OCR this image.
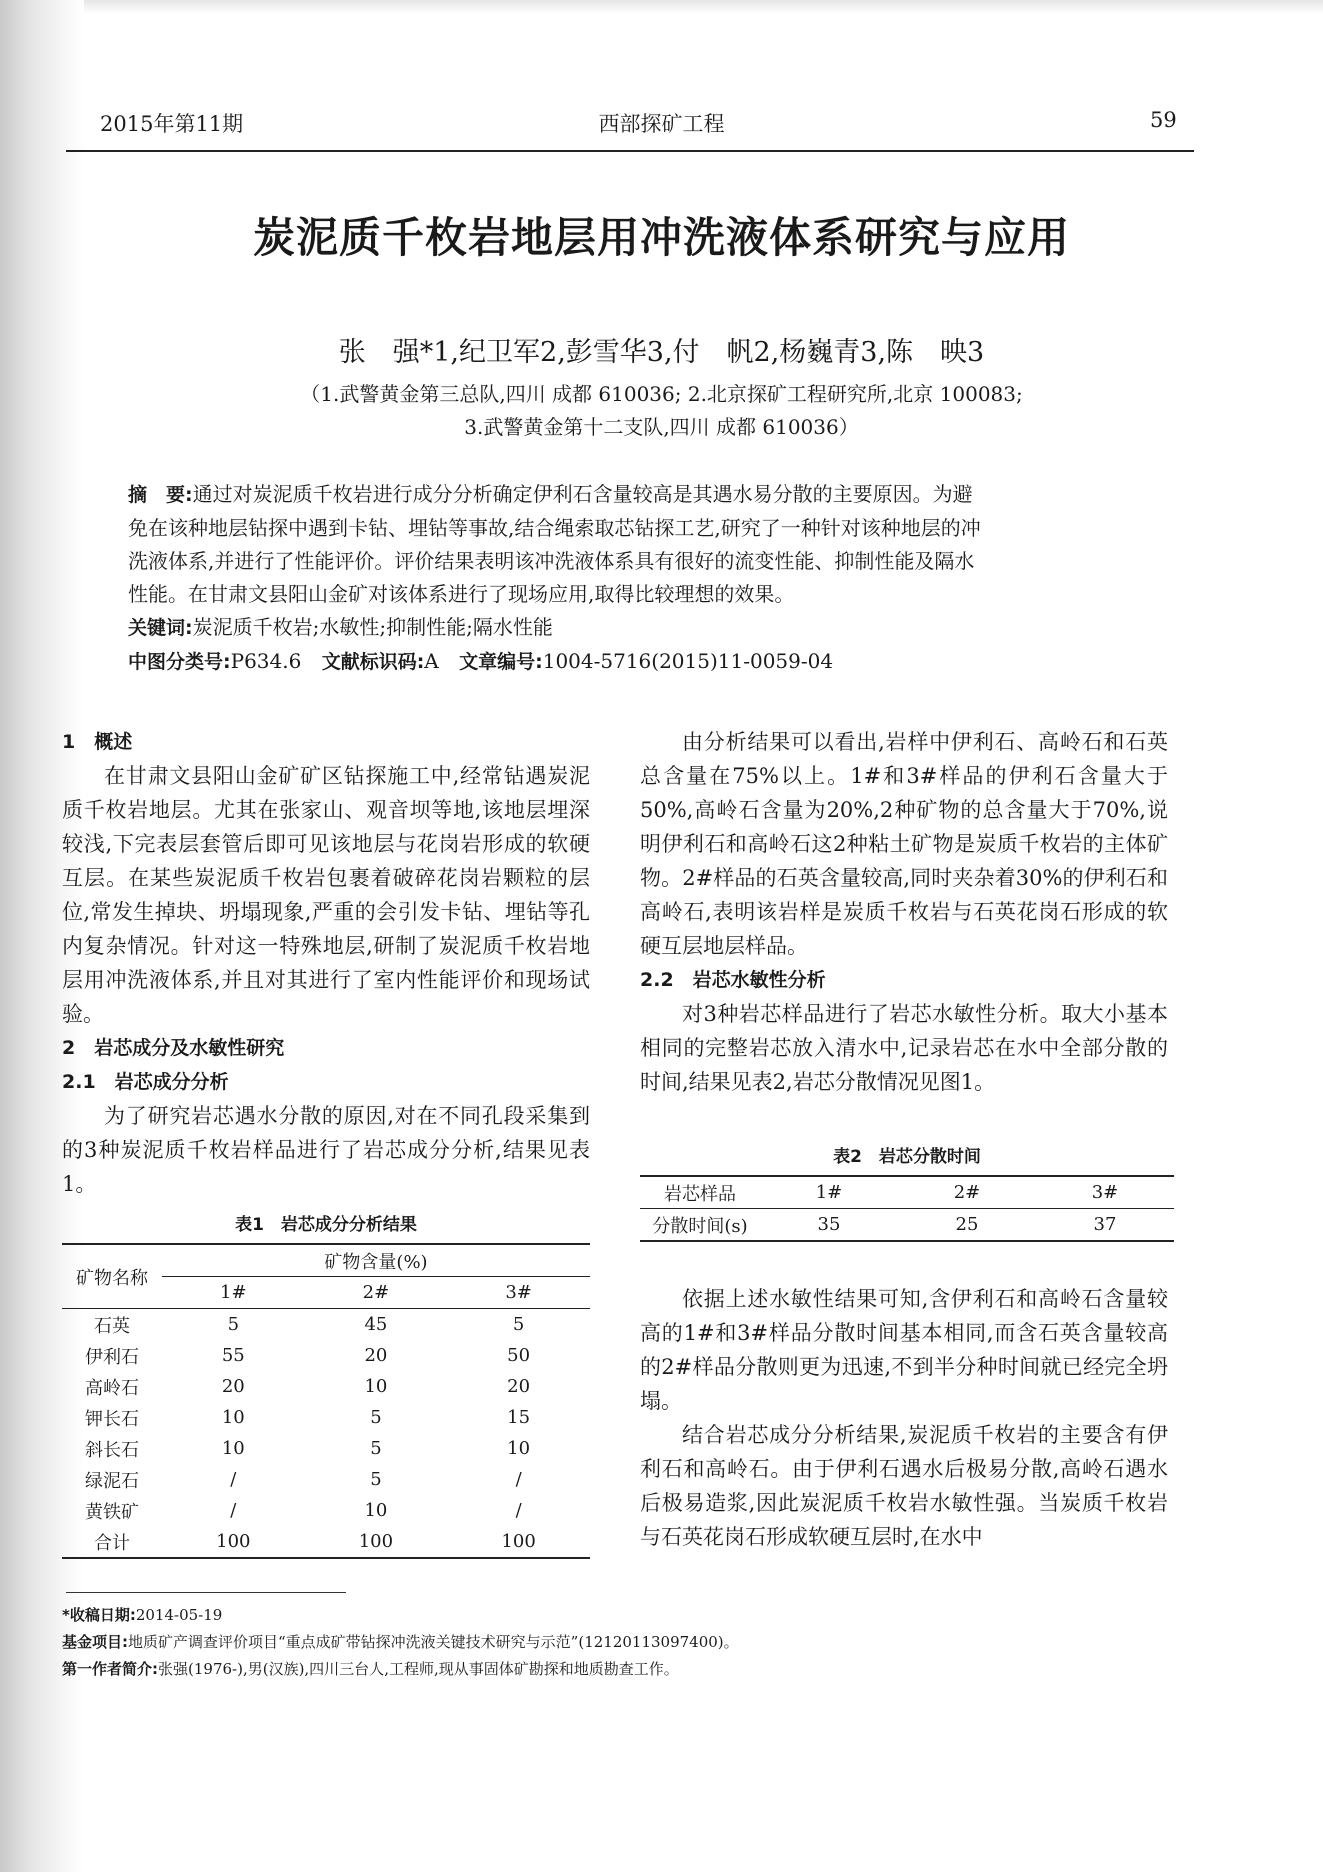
2015年第11期	西部探矿工程	59
炭泥质千枚岩地层用冲洗液体系研究与应用
张　强*1,纪卫军2,彭雪华3,付　帆2,杨巍青3,陈　映3
（1.武警黄金第三总队,四川 成都 610036; 2.北京探矿工程研究所,北京 100083;
3.武警黄金第十二支队,四川 成都 610036）
摘　要:通过对炭泥质千枚岩进行成分分析确定伊利石含量较高是其遇水易分散的主要原因。为避
免在该种地层钻探中遇到卡钻、埋钻等事故,结合绳索取芯钻探工艺,研究了一种针对该种地层的冲
洗液体系,并进行了性能评价。评价结果表明该冲洗液体系具有很好的流变性能、抑制性能及隔水
性能。在甘肃文县阳山金矿对该体系进行了现场应用,取得比较理想的效果。
关键词:炭泥质千枚岩;水敏性;抑制性能;隔水性能
中图分类号:P634.6 文献标识码:A 文章编号:1004-5716(2015)11-0059-04
1　概述

在甘肃文县阳山金矿矿区钻探施工中,经常钻遇炭泥质千枚岩地层。尤其在张家山、观音坝等地,该地层埋深较浅,下完表层套管后即可见该地层与花岗岩形成的软硬互层。在某些炭泥质千枚岩包裹着破碎花岗岩颗粒的层位,常发生掉块、坍塌现象,严重的会引发卡钻、埋钻等孔内复杂情况。针对这一特殊地层,研制了炭泥质千枚岩地层用冲洗液体系,并且对其进行了室内性能评价和现场试验。

2　岩芯成分及水敏性研究
2.1　岩芯成分分析

为了研究岩芯遇水分散的原因,对在不同孔段采集到的3种炭泥质千枚岩样品进行了岩芯成分分析,结果见表1。

表1　岩芯成分分析结果
矿物名称	矿物含量(%)		
	1#	2#	3#
石英	5	45	5
伊利石	55	20	50
高岭石	20	10	20
钾长石	10	5	15
斜长石	10	5	10
绿泥石	/	5	/
黄铁矿	/	10	/
合计	100	100	100

由分析结果可以看出,岩样中伊利石、高岭石和石英总含量在75%以上。1#和3#样品的伊利石含量大于50%,高岭石含量为20%,2种矿物的总含量大于70%,说明伊利石和高岭石这2种粘土矿物是炭质千枚岩的主体矿物。2#样品的石英含量较高,同时夹杂着30%的伊利石和高岭石,表明该岩样是炭质千枚岩与石英花岗石形成的软硬互层地层样品。

2.2　岩芯水敏性分析

对3种岩芯样品进行了岩芯水敏性分析。取大小基本相同的完整岩芯放入清水中,记录岩芯在水中全部分散的时间,结果见表2,岩芯分散情况见图1。

表2　岩芯分散时间
岩芯样品	1#	2#	3#
分散时间(s)	35	25	37

依据上述水敏性结果可知,含伊利石和高岭石含量较高的1#和3#样品分散时间基本相同,而含石英含量较高的2#样品分散则更为迅速,不到半分种时间就已经完全坍塌。

结合岩芯成分分析结果,炭泥质千枚岩的主要含有伊利石和高岭石。由于伊利石遇水后极易分散,高岭石遇水后极易造浆,因此炭泥质千枚岩水敏性强。当炭质千枚岩与石英花岗石形成软硬互层时,在水中

*收稿日期:2014-05-19
基金项目:地质矿产调查评价项目“重点成矿带钻探冲洗液关键技术研究与示范”(12120113097400)。
第一作者简介:张强(1976-),男(汉族),四川三台人,工程师,现从事固体矿勘探和地质勘查工作。
